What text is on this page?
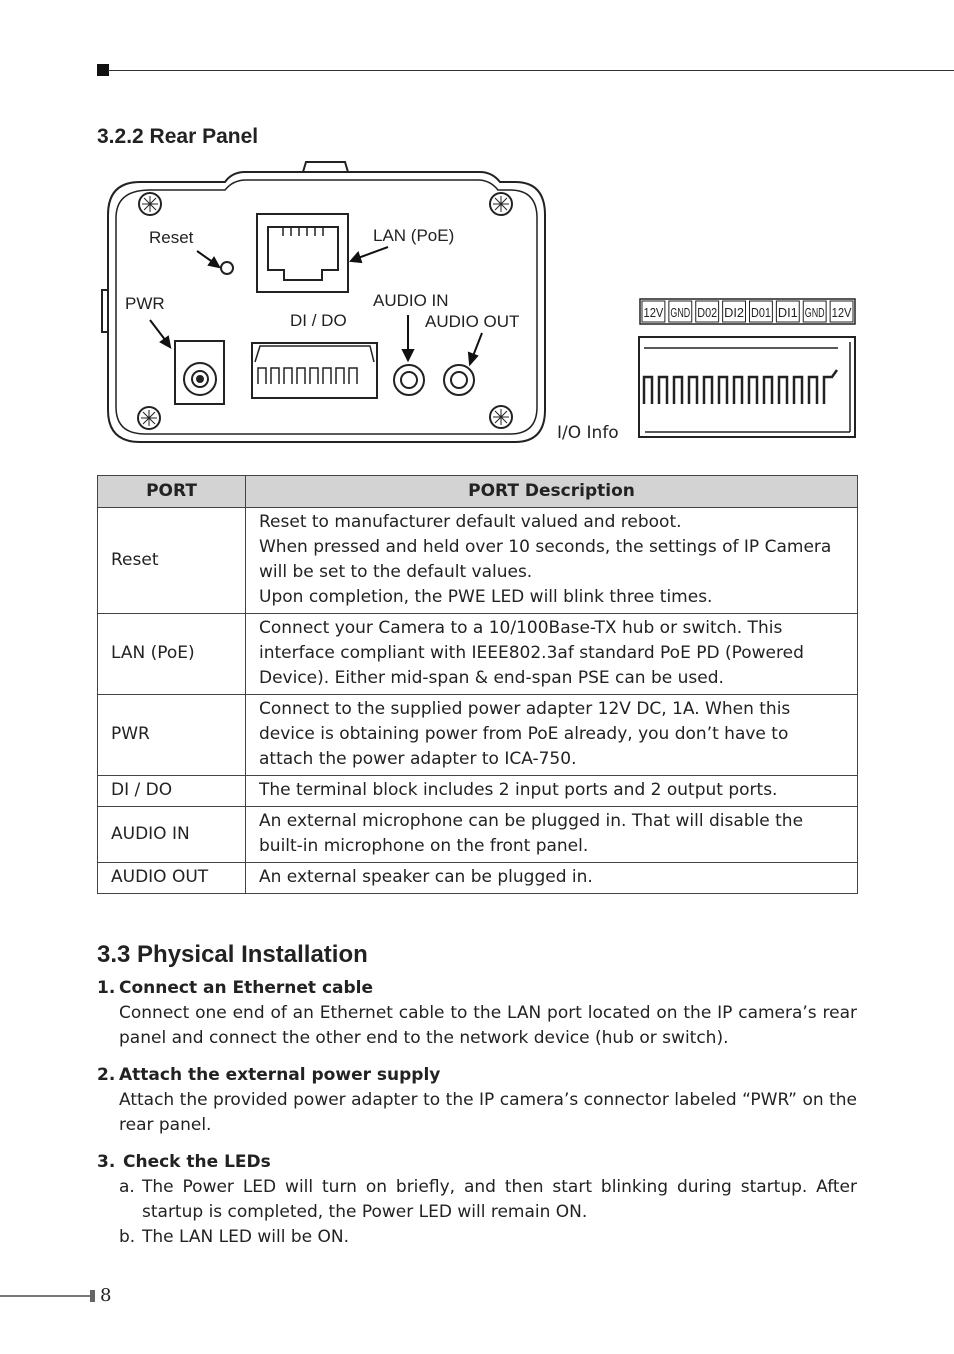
3.2.2 Rear Panel
Reset	LAN (PoE)
PWR
DI / DO
AUDIO IN
AUDIO OUT	12V GND D02 DI2 D01 DI1 GND 12V
I/O Info
PORT	PORT Description
Reset	Reset to manufacturer default valued and reboot.
When pressed and held over 10 seconds, the settings of IP Camera will be set to the default values.
Upon completion, the PWE LED will blink three times.

LAN (PoE)	Connect your Camera to a 10/100Base-TX hub or switch. This interface compliant with IEEE802.3af standard PoE PD (Powered Device). Either mid-span & end-span PSE can be used.

PWR	Connect to the supplied power adapter 12V DC, 1A. When this device is obtaining power from PoE already, you don’t have to attach the power adapter to ICA-750.

DI / DO	The terminal block includes 2 input ports and 2 output ports.

AUDIO IN	An external microphone can be plugged in. That will disable the built-in microphone on the front panel.

AUDIO OUT	An external speaker can be plugged in.
3.3 Physical Installation
1. Connect an Ethernet cable
Connect one end of an Ethernet cable to the LAN port located on the IP camera’s rear panel and connect the other end to the network device (hub or switch).
2. Attach the external power supply
Attach the provided power adapter to the IP camera’s connector labeled “PWR” on the rear panel.
3. Check the LEDs
a. The Power LED will turn on briefly, and then start blinking during startup. After startup is completed, the Power LED will remain ON.
b. The LAN LED will be ON.
8
